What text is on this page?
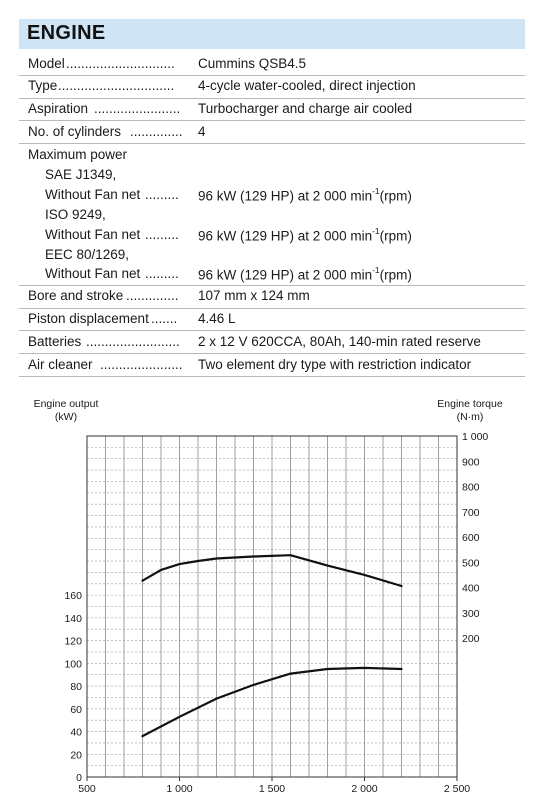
ENGINE
Model ............................. Cummins QSB4.5
Type ............................... 4-cycle water-cooled, direct injection
Aspiration ....................... Turbocharger and charge air cooled
No. of cylinders .............. 4
Maximum power
SAE J1349,
Without Fan net ......... 96 kW (129 HP) at 2 000 $\min^{-1}(rpm)$
ISO 9249,
Without Fan net ......... 96 kW (129 HP) at 2 000 $\min^{-1}(rpm)$
EEC 80/1269,
Without Fan net ......... 96 kW (129 HP) at 2 000 $\min^{-1}(rpm)$
Bore and stroke .............. 107 mm x 124 mm
Piston displacement ....... 4.46 L
Batteries ......................... 2 x 12 V 620CCA, 80Ah, 140-min rated reserve
Air cleaner ...................... Two element dry type with restriction indicator
Engine output
(kW)
Engine torque
(N·m)
500	1 000	1 500	2 000	2 500
0
20
40
60
80
100
120
140
160
200
300
400
500
600
700
800
900
1 000
